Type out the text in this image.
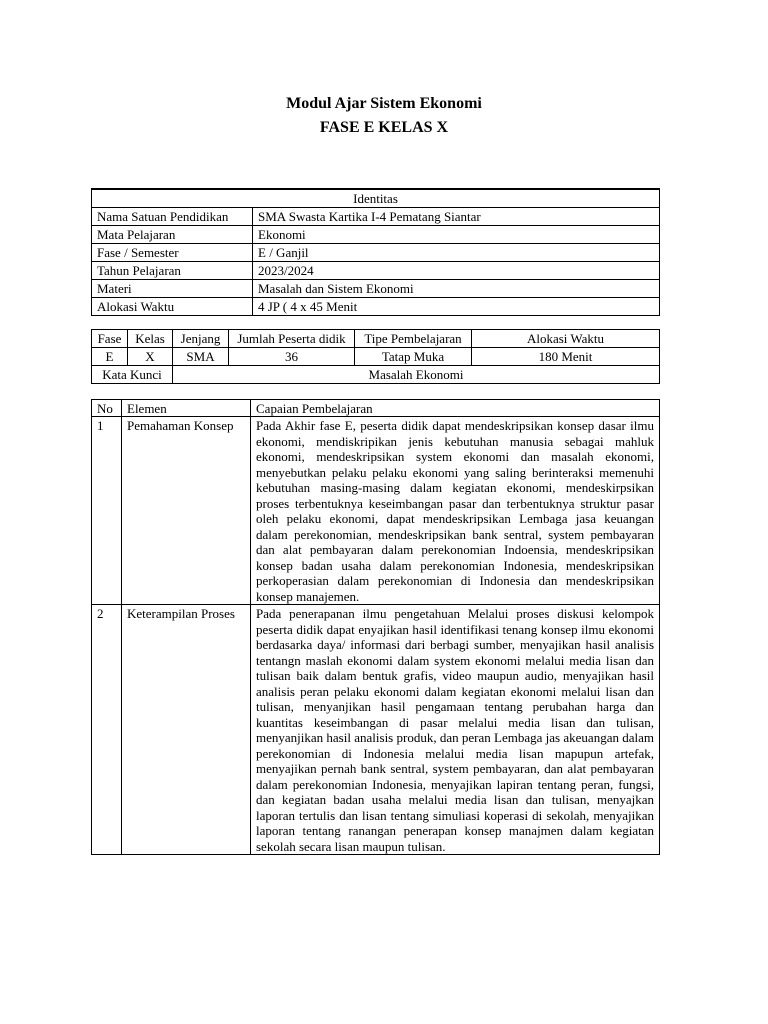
Modul Ajar Sistem Ekonomi
FASE E KELAS X
Identitas	
Nama Satuan Pendidikan	SMA Swasta Kartika I-4 Pematang Siantar
Mata Pelajaran	Ekonomi
Fase / Semester	E / Ganjil
Tahun Pelajaran	2023/2024
Materi	Masalah dan Sistem Ekonomi
Alokasi Waktu	4 JP ( 4 x 45 Menit
Fase	Kelas	Jenjang	Jumlah Peserta didik	Tipe Pembelajaran	Alokasi Waktu
E	X	SMA	36	Tatap Muka	180 Menit
Kata Kunci		Masalah Ekonomi			
No	Elemen	Capaian Pembelajaran
1	Pemahaman Konsep	Pada Akhir fase E, peserta didik dapat mendeskripsikan konsep dasar ilmu ekonomi, mendiskripikan jenis kebutuhan manusia sebagai mahluk ekonomi, mendeskripsikan system ekonomi dan masalah ekonomi, menyebutkan pelaku pelaku ekonomi yang saling berinteraksi memenuhi kebutuhan masing-masing dalam kegiatan ekonomi, mendeskirpsikan proses terbentuknya keseimbangan pasar dan terbentuknya struktur pasar oleh pelaku ekonomi, dapat mendeskripsikan Lembaga jasa keuangan dalam perekonomian, mendeskripsikan bank sentral, system pembayaran dan alat pembayaran dalam perekonomian Indoensia, mendeskripsikan konsep badan usaha dalam perekonomian Indonesia, mendeskripsikan perkoperasian dalam perekonomian di Indonesia dan mendeskripsikan konsep manajemen.
2	Keterampilan Proses	Pada penerapanan ilmu pengetahuan Melalui proses diskusi kelompok peserta didik dapat enyajikan hasil identifikasi tenang konsep ilmu ekonomi berdasarka daya/ informasi dari berbagi sumber, menyajikan hasil analisis tentangn maslah ekonomi dalam system ekonomi melalui media lisan dan tulisan baik dalam bentuk grafis, video maupun audio, menyajikan hasil analisis peran pelaku ekonomi dalam kegiatan ekonomi melalui lisan dan tulisan, menyanjikan hasil pengamaan tentang perubahan harga dan kuantitas keseimbangan di pasar melalui media lisan dan tulisan, menyanjikan hasil analisis produk, dan peran Lembaga jas akeuangan dalam perekonomian di Indonesia melalui media lisan mapupun artefak, menyajikan pernah bank sentral, system pembayaran, dan alat pembayaran dalam perekonomian Indonesia, menyajikan lapiran tentang peran, fungsi, dan kegiatan badan usaha melalui media lisan dan tulisan, menyajkan laporan tertulis dan lisan tentang simuliasi koperasi di sekolah, menyajikan laporan tentang ranangan penerapan konsep manajmen dalam kegiatan sekolah secara lisan maupun tulisan.
